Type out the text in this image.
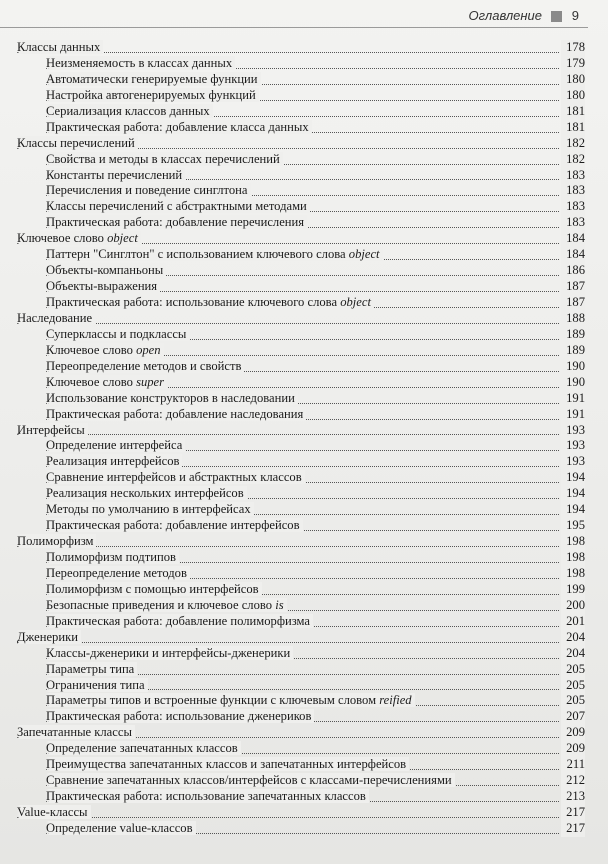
Оглавление 9
Классы данных	178
Неизменяемость в классах данных	179
Автоматически генерируемые функции	180
Настройка автогенерируемых функций	180
Сериализация классов данных	181
Практическая работа: добавление класса данных	181
Классы перечислений	182
Свойства и методы в классах перечислений	182
Константы перечислений	183
Перечисления и поведение синглтона	183
Классы перечислений с абстрактными методами	183
Практическая работа: добавление перечисления	183
Ключевое слово object	184
Паттерн "Синглтон" с использованием ключевого слова object	184
Объекты-компаньоны	186
Объекты-выражения	187
Практическая работа: использование ключевого слова object	187
Наследование	188
Суперклассы и подклассы	189
Ключевое слово open	189
Переопределение методов и свойств	190
Ключевое слово super	190
Использование конструкторов в наследовании	191
Практическая работа: добавление наследования	191
Интерфейсы	193
Определение интерфейса	193
Реализация интерфейсов	193
Сравнение интерфейсов и абстрактных классов	194
Реализация нескольких интерфейсов	194
Методы по умолчанию в интерфейсах	194
Практическая работа: добавление интерфейсов	195
Полиморфизм	198
Полиморфизм подтипов	198
Переопределение методов	198
Полиморфизм с помощью интерфейсов	199
Безопасные приведения и ключевое слово is	200
Практическая работа: добавление полиморфизма	201
Дженерики	204
Классы-дженерики и интерфейсы-дженерики	204
Параметры типа	205
Ограничения типа	205
Параметры типов и встроенные функции с ключевым словом reified	205
Практическая работа: использование дженериков	207
Запечатанные классы	209
Определение запечатанных классов	209
Преимущества запечатанных классов и запечатанных интерфейсов	211
Сравнение запечатанных классов/интерфейсов с классами-перечислениями	212
Практическая работа: использование запечатанных классов	213
Value-классы	217
Определение value-классов	217
